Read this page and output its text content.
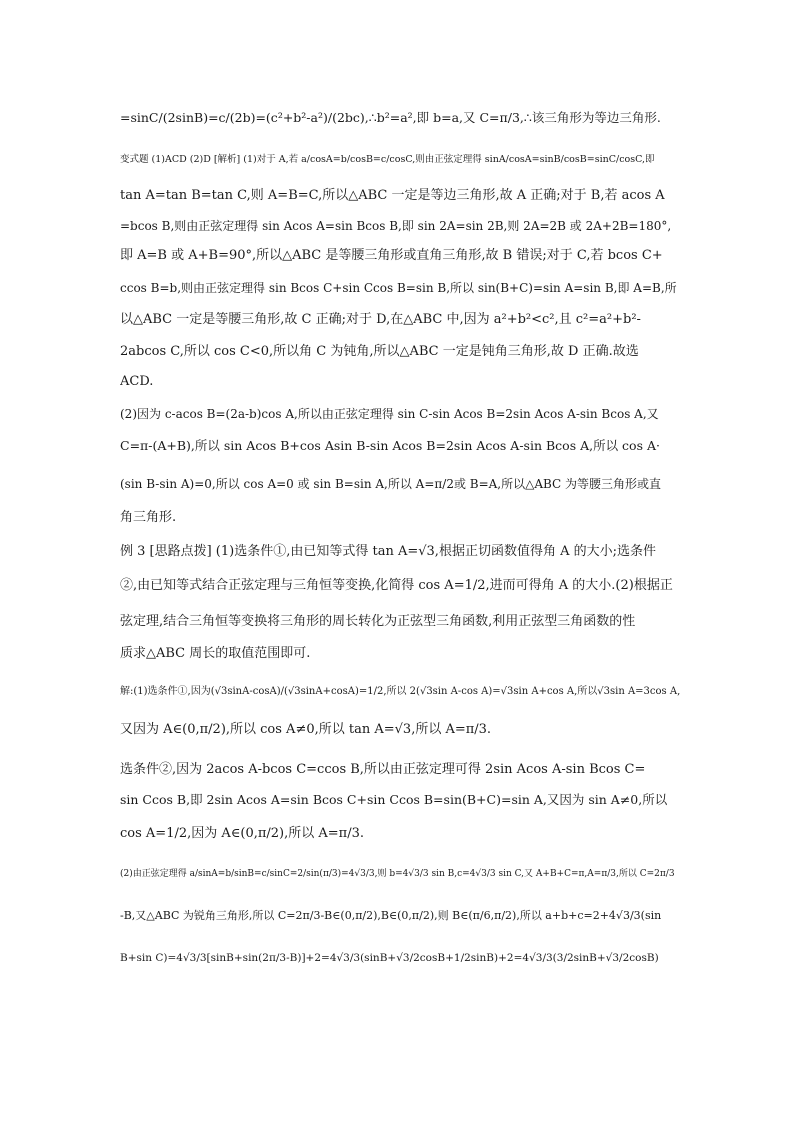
=sinC/(2sinB)=c/(2b)=(c²+b²-a²)/(2bc),∴b²=a²,即 b=a,又 C=π/3,∴该三角形为等边三角形.
变式题 (1)ACD (2)D [解析] (1)对于 A,若 a/cosA=b/cosB=c/cosC,则由正弦定理得 sinA/cosA=sinB/cosB=sinC/cosC,即
tan A=tan B=tan C,则 A=B=C,所以△ABC 一定是等边三角形,故 A 正确;对于 B,若 acos A
=bcos B,则由正弦定理得 sin Acos A=sin Bcos B,即 sin 2A=sin 2B,则 2A=2B 或 2A+2B=180°,
即 A=B 或 A+B=90°,所以△ABC 是等腰三角形或直角三角形,故 B 错误;对于 C,若 bcos C+
ccos B=b,则由正弦定理得 sin Bcos C+sin Ccos B=sin B,所以 sin(B+C)=sin A=sin B,即 A=B,所
以△ABC 一定是等腰三角形,故 C 正确;对于 D,在△ABC 中,因为 a²+b²<c²,且 c²=a²+b²-
2abcos C,所以 cos C<0,所以角 C 为钝角,所以△ABC 一定是钝角三角形,故 D 正确.故选
ACD.
(2)因为 c-acos B=(2a-b)cos A,所以由正弦定理得 sin C-sin Acos B=2sin Acos A-sin Bcos A,又
C=π-(A+B),所以 sin Acos B+cos Asin B-sin Acos B=2sin Acos A-sin Bcos A,所以 cos A·
(sin B-sin A)=0,所以 cos A=0 或 sin B=sin A,所以 A=π/2或 B=A,所以△ABC 为等腰三角形或直
角三角形.
例 3 [思路点拨] (1)选条件①,由已知等式得 tan A=√3,根据正切函数值得角 A 的大小;选条件
②,由已知等式结合正弦定理与三角恒等变换,化简得 cos A=1/2,进而可得角 A 的大小.(2)根据正
弦定理,结合三角恒等变换将三角形的周长转化为正弦型三角函数,利用正弦型三角函数的性
质求△ABC 周长的取值范围即可.
解:(1)选条件①,因为(√3sinA-cosA)/(√3sinA+cosA)=1/2,所以 2(√3sin A-cos A)=√3sin A+cos A,所以√3sin A=3cos A,
又因为 A∈(0,π/2),所以 cos A≠0,所以 tan A=√3,所以 A=π/3.
选条件②,因为 2acos A-bcos C=ccos B,所以由正弦定理可得 2sin Acos A-sin Bcos C=
sin Ccos B,即 2sin Acos A=sin Bcos C+sin Ccos B=sin(B+C)=sin A,又因为 sin A≠0,所以
cos A=1/2,因为 A∈(0,π/2),所以 A=π/3.
(2)由正弦定理得 a/sinA=b/sinB=c/sinC=2/sin(π/3)=4√3/3,则 b=4√3/3 sin B,c=4√3/3 sin C,又 A+B+C=π,A=π/3,所以 C=2π/3
-B,又△ABC 为锐角三角形,所以 C=2π/3-B∈(0,π/2),B∈(0,π/2),则 B∈(π/6,π/2),所以 a+b+c=2+4√3/3(sin
B+sin C)=4√3/3[sinB+sin(2π/3-B)]+2=4√3/3(sinB+√3/2cosB+1/2sinB)+2=4√3/3(3/2sinB+√3/2cosB)
